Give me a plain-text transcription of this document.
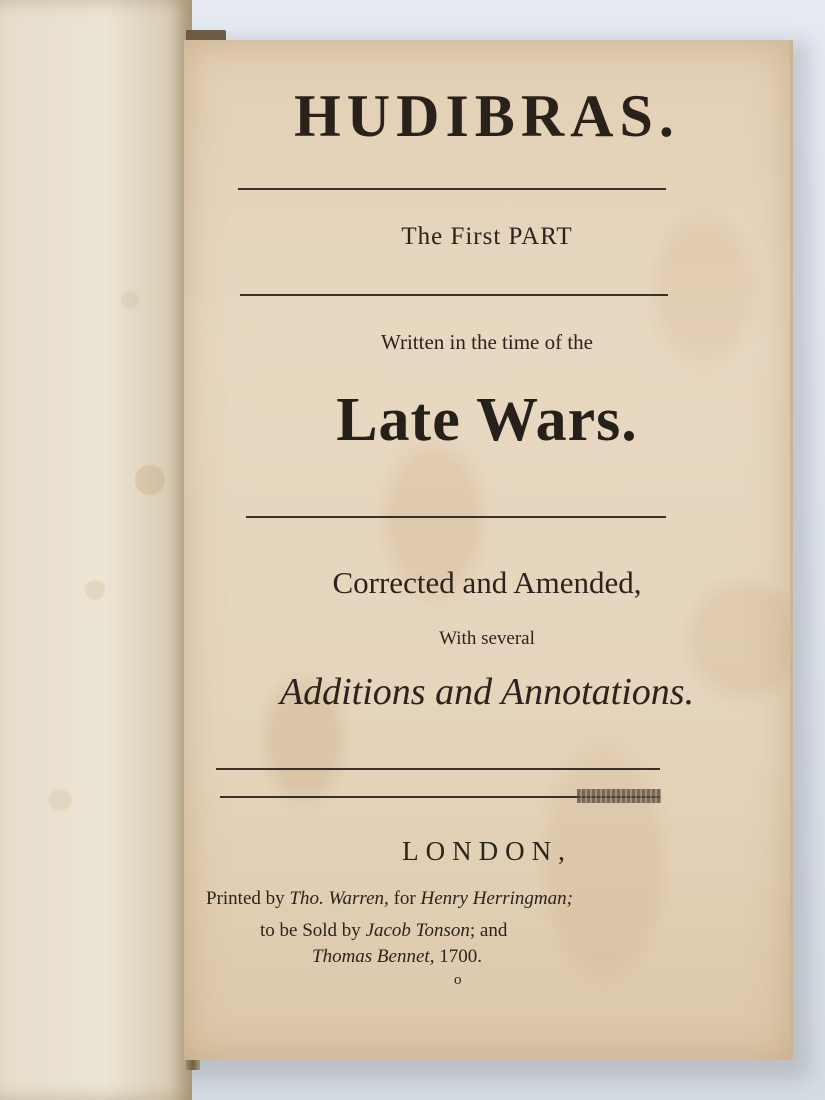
HUDIBRAS.
The First PART
Written in the time of the
Late Wars.
Corrected and Amended,
With several
Additions and Annotations.
LONDON,
Printed by Tho. Warren, for Henry Herringman;
to be Sold by Jacob Tonson; and
Thomas Bennet, 1700.
o
